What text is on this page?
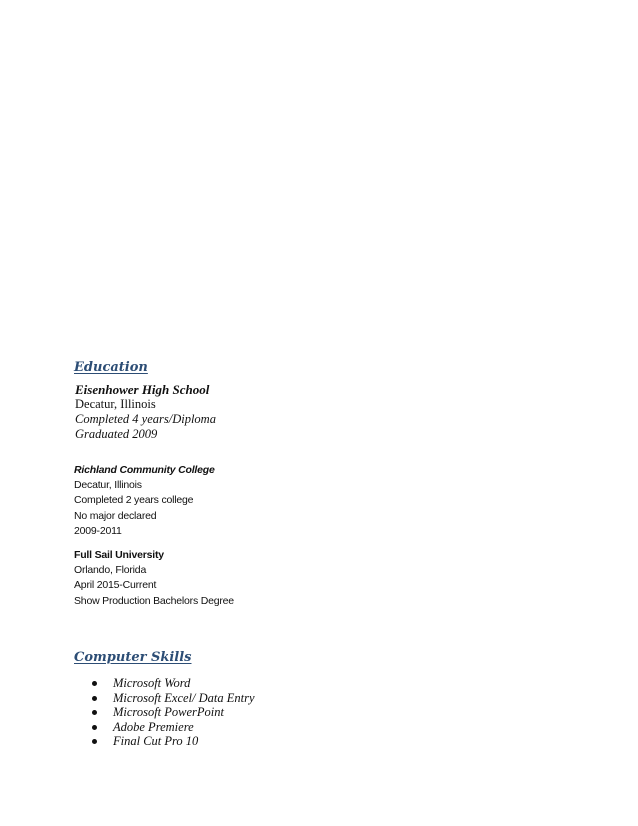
Education
Eisenhower High School
Decatur, Illinois
Completed 4 years/Diploma
Graduated 2009
Richland Community College
Decatur, Illinois
Completed 2 years college
No major declared
2009-2011
Full Sail University
Orlando, Florida
April 2015-Current
Show Production Bachelors Degree
Computer Skills
Microsoft Word
Microsoft Excel/ Data Entry
Microsoft PowerPoint
Adobe Premiere
Final Cut Pro 10
